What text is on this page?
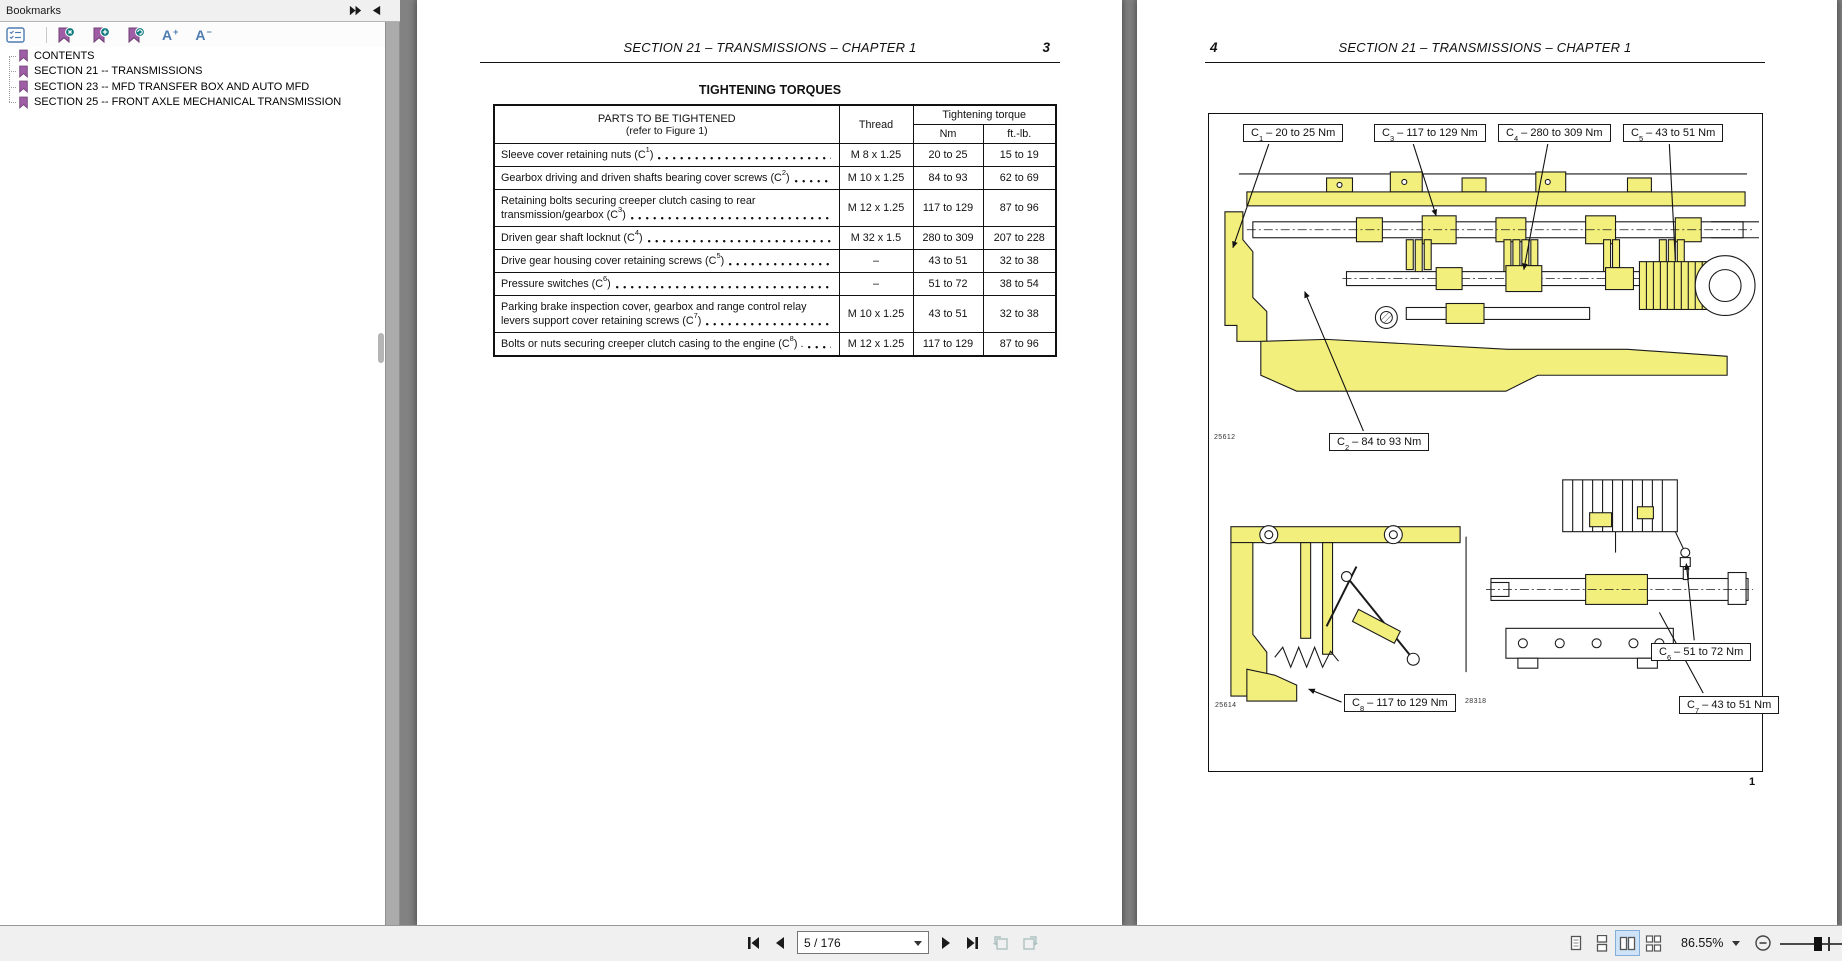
Bookmarks
A + A −
CONTENTS
SECTION 21 -- TRANSMISSIONS
SECTION 23 -- MFD TRANSFER BOX AND AUTO MFD
SECTION 25 -- FRONT AXLE MECHANICAL TRANSMISSION
SECTION 21 – TRANSMISSIONS – CHAPTER 1	3
TIGHTENING TORQUES
PARTS TO BE TIGHTENED
(refer to Figure 1)	Thread	Tightening torque	
		Nm	ft.-lb.

Sleeve cover retaining nuts ($C_1$ )	M 8 x 1.25	20 to 25	15 to 19

Gearbox driving and driven shafts bearing cover screws ($C_2$ )	M 10 x 1.25	84 to 93	62 to 69

Retaining bolts securing creeper clutch casing to rear
transmission/gearbox ($C_3$ )	M 12 x 1.25	117 to 129	87 to 96

Driven gear shaft locknut ($C_4$ )	M 32 x 1.5	280 to 309	207 to 228

Drive gear housing cover retaining screws ($C_5$ )	–	43 to 51	32 to 38

Pressure switches ($C_6$ )	–	51 to 72	38 to 54

Parking brake inspection cover, gearbox and range control relay
levers support cover retaining screws ($C_7$ )	M 10 x 1.25	43 to 51	32 to 38

Bolts or nuts securing creeper clutch casing to the engine ($C_8$ ) .	M 12 x 1.25	117 to 129	87 to 96
4	SECTION 21 – TRANSMISSIONS – CHAPTER 1
$C_1 - 20$ to 25 Nm	$C_3 - 117$ to 129 Nm	$C_4 - 280$ to 309 Nm	$C_5 - 43$ to 51 Nm
$C_2 - 84$ to 93 Nm
$C_8 - 117$ to 129 Nm
$C_6 - 51$ to 72 Nm
$C_7 - 43$ to 51 Nm
25612
25614
28318
1
5 / 176
86.55%
